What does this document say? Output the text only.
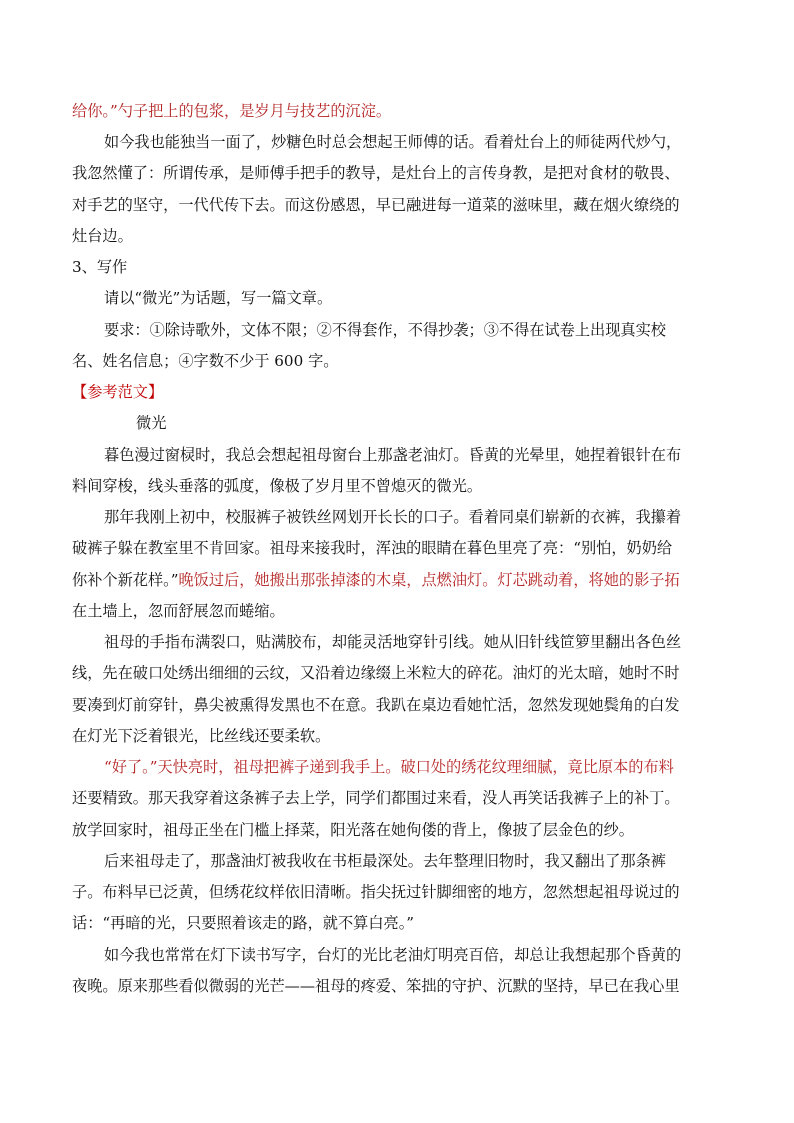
给你。”勺子把上的包浆，是岁月与技艺的沉淀。
如今我也能独当一面了，炒糖色时总会想起王师傅的话。看着灶台上的师徒两代炒勺，
我忽然懂了：所谓传承，是师傅手把手的教导，是灶台上的言传身教，是把对食材的敬畏、
对手艺的坚守，一代代传下去。而这份感恩，早已融进每一道菜的滋味里，藏在烟火缭绕的
灶台边。
3、写作
请以“微光”为话题，写一篇文章。
要求：①除诗歌外，文体不限；②不得套作，不得抄袭；③不得在试卷上出现真实校
名、姓名信息；④字数不少于 600 字。
【参考范文】
微光
暮色漫过窗棂时，我总会想起祖母窗台上那盏老油灯。昏黄的光晕里，她捏着银针在布
料间穿梭，线头垂落的弧度，像极了岁月里不曾熄灭的微光。
那年我刚上初中，校服裤子被铁丝网划开长长的口子。看着同桌们崭新的衣裤，我攥着
破裤子躲在教室里不肯回家。祖母来接我时，浑浊的眼睛在暮色里亮了亮：“别怕，奶奶给
你补个新花样。”晚饭过后，她搬出那张掉漆的木桌，点燃油灯。灯芯跳动着，将她的影子拓
在土墙上，忽而舒展忽而蜷缩。
祖母的手指布满裂口，贴满胶布，却能灵活地穿针引线。她从旧针线笸箩里翻出各色丝
线，先在破口处绣出细细的云纹，又沿着边缘缀上米粒大的碎花。油灯的光太暗，她时不时
要凑到灯前穿针，鼻尖被熏得发黑也不在意。我趴在桌边看她忙活，忽然发现她鬓角的白发
在灯光下泛着银光，比丝线还要柔软。
“好了。”天快亮时，祖母把裤子递到我手上。破口处的绣花纹理细腻，竟比原本的布料
还要精致。那天我穿着这条裤子去上学，同学们都围过来看，没人再笑话我裤子上的补丁。
放学回家时，祖母正坐在门槛上择菜，阳光落在她佝偻的背上，像披了层金色的纱。
后来祖母走了，那盏油灯被我收在书柜最深处。去年整理旧物时，我又翻出了那条裤
子。布料早已泛黄，但绣花纹样依旧清晰。指尖抚过针脚细密的地方，忽然想起祖母说过的
话：“再暗的光，只要照着该走的路，就不算白亮。”
如今我也常常在灯下读书写字，台灯的光比老油灯明亮百倍，却总让我想起那个昏黄的
夜晚。原来那些看似微弱的光芒——祖母的疼爱、笨拙的守护、沉默的坚持，早已在我心里
